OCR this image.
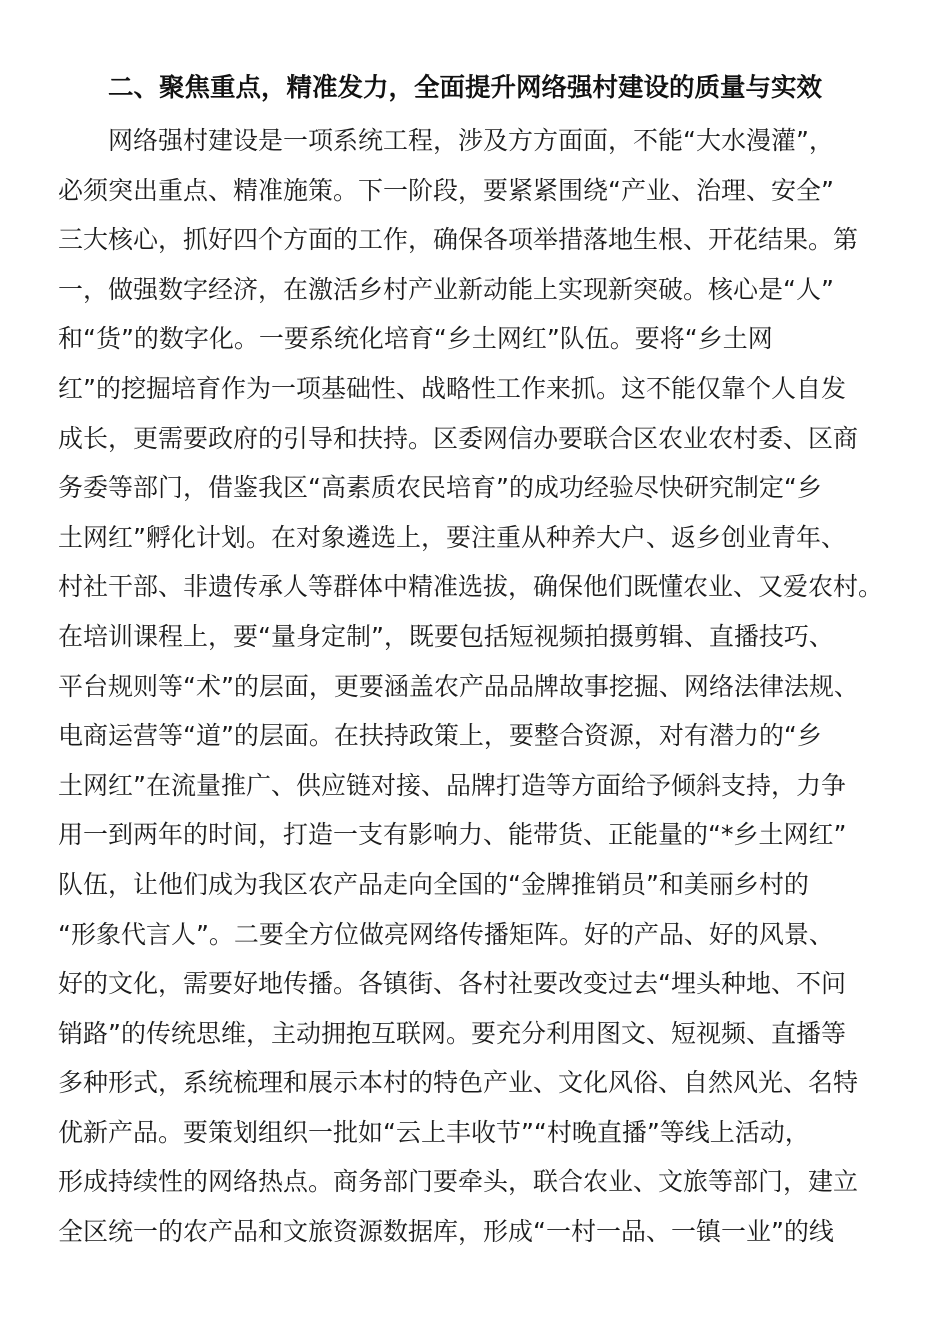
二、聚焦重点，精准发力，全面提升网络强村建设的质量与实效
网络强村建设是一项系统工程，涉及方方面面，不能“大水漫灌”，
必须突出重点、精准施策。下一阶段，要紧紧围绕“产业、治理、安全”
三大核心，抓好四个方面的工作，确保各项举措落地生根、开花结果。第
一，做强数字经济，在激活乡村产业新动能上实现新突破。核心是“人”
和“货”的数字化。一要系统化培育“乡土网红”队伍。要将“乡土网
红”的挖掘培育作为一项基础性、战略性工作来抓。这不能仅靠个人自发
成长，更需要政府的引导和扶持。区委网信办要联合区农业农村委、区商
务委等部门，借鉴我区“高素质农民培育”的成功经验尽快研究制定“乡
土网红”孵化计划。在对象遴选上，要注重从种养大户、返乡创业青年、
村社干部、非遗传承人等群体中精准选拔，确保他们既懂农业、又爱农村。
在培训课程上，要“量身定制”，既要包括短视频拍摄剪辑、直播技巧、
平台规则等“术”的层面，更要涵盖农产品品牌故事挖掘、网络法律法规、
电商运营等“道”的层面。在扶持政策上，要整合资源，对有潜力的“乡
土网红”在流量推广、供应链对接、品牌打造等方面给予倾斜支持，力争
用一到两年的时间，打造一支有影响力、能带货、正能量的“*乡土网红”
队伍，让他们成为我区农产品走向全国的“金牌推销员”和美丽乡村的
“形象代言人”。二要全方位做亮网络传播矩阵。好的产品、好的风景、
好的文化，需要好地传播。各镇街、各村社要改变过去“埋头种地、不问
销路”的传统思维，主动拥抱互联网。要充分利用图文、短视频、直播等
多种形式，系统梳理和展示本村的特色产业、文化风俗、自然风光、名特
优新产品。要策划组织一批如“云上丰收节”“村晚直播”等线上活动，
形成持续性的网络热点。商务部门要牵头，联合农业、文旅等部门，建立
全区统一的农产品和文旅资源数据库，形成“一村一品、一镇一业”的线
